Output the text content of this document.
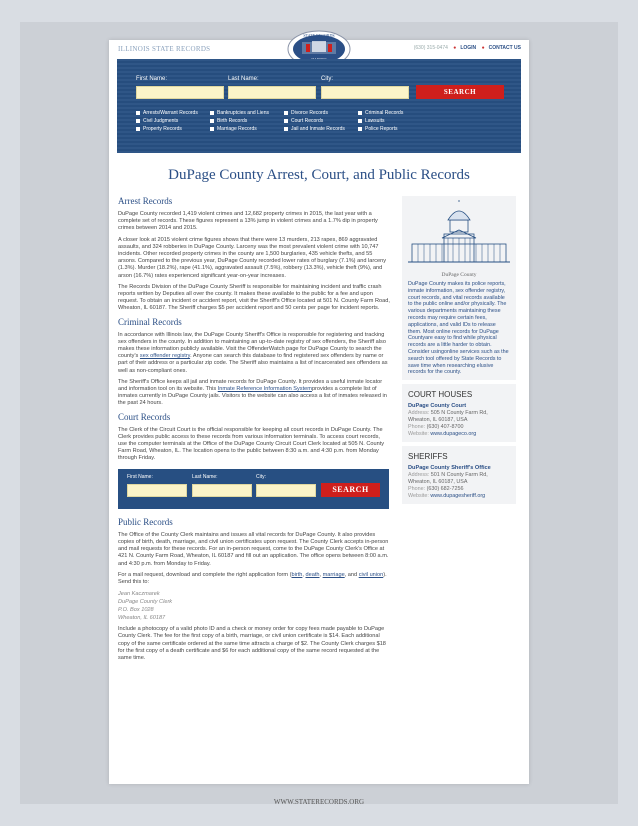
ILLINOIS STATE RECORDS	(630) 315-0474 ● LOGIN ● CONTACT US
STATE RECORDS
First Name:	Last Name:	City:
SEARCH
Arrests/Warrant Records	Bankruptcies and Liens	Divorce Records	Criminal Records
Civil Judgments	Birth Records	Court Records	Lawsuits
Property Records	Marriage Records	Jail and Inmate Records	Police Reports
DuPage County Arrest, Court, and Public Records
Arrest Records

DuPage County recorded 1,419 violent crimes and 12,682 property crimes in 2015, the last year with a complete set of records. These figures represent a 13% jump in violent crimes and a 1.7% dip in property crimes between 2014 and 2015.

A closer look at 2015 violent crime figures shows that there were 13 murders, 213 rapes, 869 aggravated assaults, and 324 robberies in DuPage County. Larceny was the most prevalent violent crime with 10,747 incidents. Other recorded property crimes in the county are 1,500 burglaries, 435 vehicle thefts, and 55 arsons. Compared to the previous year, DuPage County recorded lower rates of burglary (7.1%) and larceny (1.3%). Murder (18.2%), rape (41.1%), aggravated assault (7.5%), robbery (13.3%), vehicle theft (9%), and arson (16.7%) rates experienced significant year-on-year increases.

The Records Division of the DuPage County Sheriff is responsible for maintaining incident and traffic crash reports written by Deputies all over the county. It makes these available to the public for a fee and upon request. To obtain an incident or accident report, visit the Sheriff's Office located at 501 N. County Farm Road, Wheaton, IL 60187. The Sheriff charges $5 per accident report and 50 cents per page for incident reports.

Criminal Records

In accordance with Illinois law, the DuPage County Sheriff's Office is responsible for registering and tracking sex offenders in the county. In addition to maintaining an up-to-date registry of sex offenders, the Sheriff also makes these information publicly available. Visit the OffenderWatch page for DuPage County to search the county's sex offender registry. Anyone can search this database to find registered sex offenders by name or part of their address or a particular zip code. The Sheriff also maintains a list of incarcerated sex offenders as well as non-compliant ones.

The Sheriff's Office keeps all jail and inmate records for DuPage County. It provides a useful inmate locator and information tool on its website. This Inmate Reference Information Systemprovides a complete list of inmates currently in DuPage County jails. Visitors to the website can also access a list of inmates released in the past 24 hours.

Court Records

The Clerk of the Circuit Court is the official responsible for keeping all court records in DuPage County. The Clerk provides public access to these records from various information terminals. To access court records, use the computer terminals at the Office of the DuPage County Circuit Court Clerk located at 505 N. County Farm Road, Wheaton, IL. The location opens to the public between 8:30 a.m. and 4:30 p.m. from Monday through Friday.

First Name:	Last Name:	City:
SEARCH
Public Records

The Office of the County Clerk maintains and issues all vital records for DuPage County. It also provides copies of birth, death, marriage, and civil union certificates upon request. The County Clerk accepts in-person and mail requests for these records. For an in-person request, come to the DuPage County Clerk's Office at 421 N. County Farm Road, Wheaton, IL 60187 and fill out an application. The office opens between 8:00 a.m. and 4:30 p.m. from Monday to Friday.

For a mail request, download and complete the right application form (birth, death, marriage, and civil union). Send this to:

Jean Kaczmarek
DuPage County Clerk
P.O. Box 1028
Wheaton, IL 60187

Include a photocopy of a valid photo ID and a check or money order for copy fees made payable to DuPage County Clerk. The fee for the first copy of a birth, marriage, or civil union certificate is $14. Each additional copy of the same certificate ordered at the same time attracts a charge of $2. The County Clerk charges $18 for the first copy of a death certificate and $6 for each additional copy of the same record requested at the same time.

DuPage County
DuPage County makes its police reports, inmate information, sex offender registry, court records, and vital records available to the public online and/or physically. The various departments maintaining these records may require certain fees, applications, and valid IDs to release them. Most online records for DuPage Countyare easy to find while physical records are a little harder to obtain. Consider usingonline services such as the search tool offered by State Records to save time when researching elusive records for the county.
COURT HOUSES
DuPage County Court
Address: 505 N County Farm Rd, Wheaton, IL 60187, USA
Phone: (630) 407-8700
Website: www.dupageco.org
SHERIFFS
DuPage County Sheriff's Office
Address: 501 N County Farm Rd, Wheaton, IL 60187, USA
Phone: (630) 682-7256
Website: www.dupagesheriff.org
WWW.STATERECORDS.ORG
